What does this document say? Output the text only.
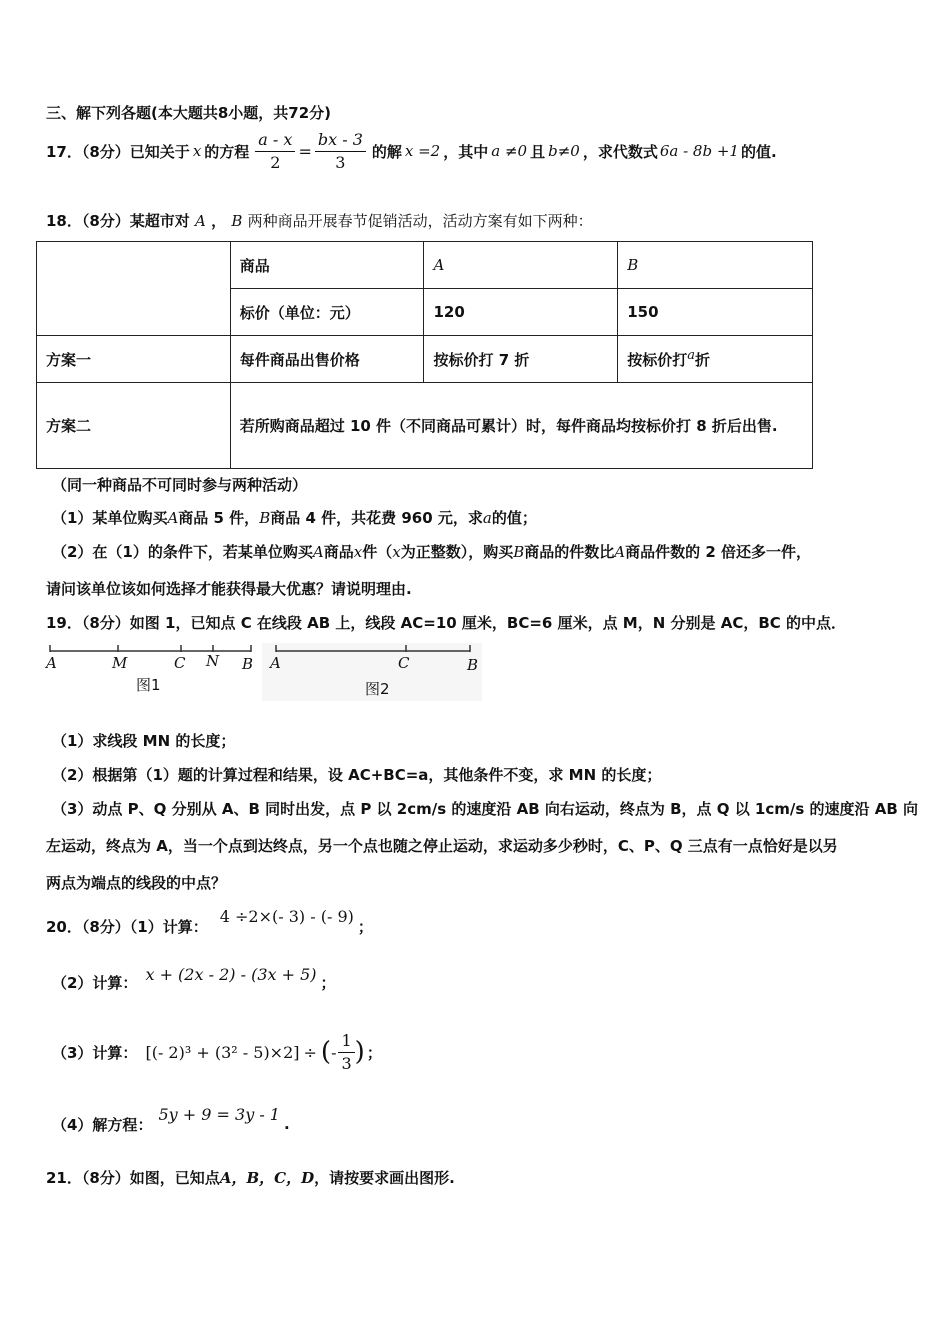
三、解下列各题(本大题共8小题，共72分)
17．（8分）已知关于 x 的方程 $\frac{a - x}{2} = \frac{bx - 3}{3}$ 的解 x =2 ，其中 a ≠0 且 b≠0 ，求代数式 6a - 8b +1 的值.
18．（8分）某超市对 A ， B 两种商品开展春节促销活动，活动方案有如下两种：
	商品	A	B
	标价（单位：元）	120	150
方案一	每件商品出售价格	按标价打 7 折	按标价打$^a$折
方案二	若所购商品超过 10 件（不同商品可累计）时，每件商品均按标价打 8 折后出售.		
（同一种商品不可同时参与两种活动）
（1）某单位购买A商品 5 件，B商品 4 件，共花费 960 元，求a的值；
（2）在（1）的条件下，若某单位购买A商品x件（x为正整数），购买B商品的件数比A商品件数的 2 倍还多一件，
请问该单位该如何选择才能获得最大优惠？请说明理由.
19．（8分）如图 1，已知点 C 在线段 AB 上，线段 AC=10 厘米，BC=6 厘米，点 M，N 分别是 AC，BC 的中点．
A	M	C N B
图1
A	C	B
图2
（1）求线段 MN 的长度；
（2）根据第（1）题的计算过程和结果，设 AC+BC=a，其他条件不变，求 MN 的长度；
（3）动点 P、Q 分别从 A、B 同时出发，点 P 以 2cm/s 的速度沿 AB 向右运动，终点为 B，点 Q 以 1cm/s 的速度沿 AB 向
左运动，终点为 A，当一个点到达终点，另一个点也随之停止运动，求运动多少秒时，C、P、Q 三点有一点恰好是以另
两点为端点的线段的中点？
20．（8分）（1）计算：
4 ÷2×(- 3) - (- 9)
；
（2）计算： x + (2x - 2) - (3x + 5) ；
（3）计算： [(- 2)³ + (3² - 5)×2] ÷ ( - $\frac{1}{3}$ ) ；
（4）解方程：
5y + 9 = 3y - 1
.
21．（8分）如图，已知点A，B，C，D，请按要求画出图形.
